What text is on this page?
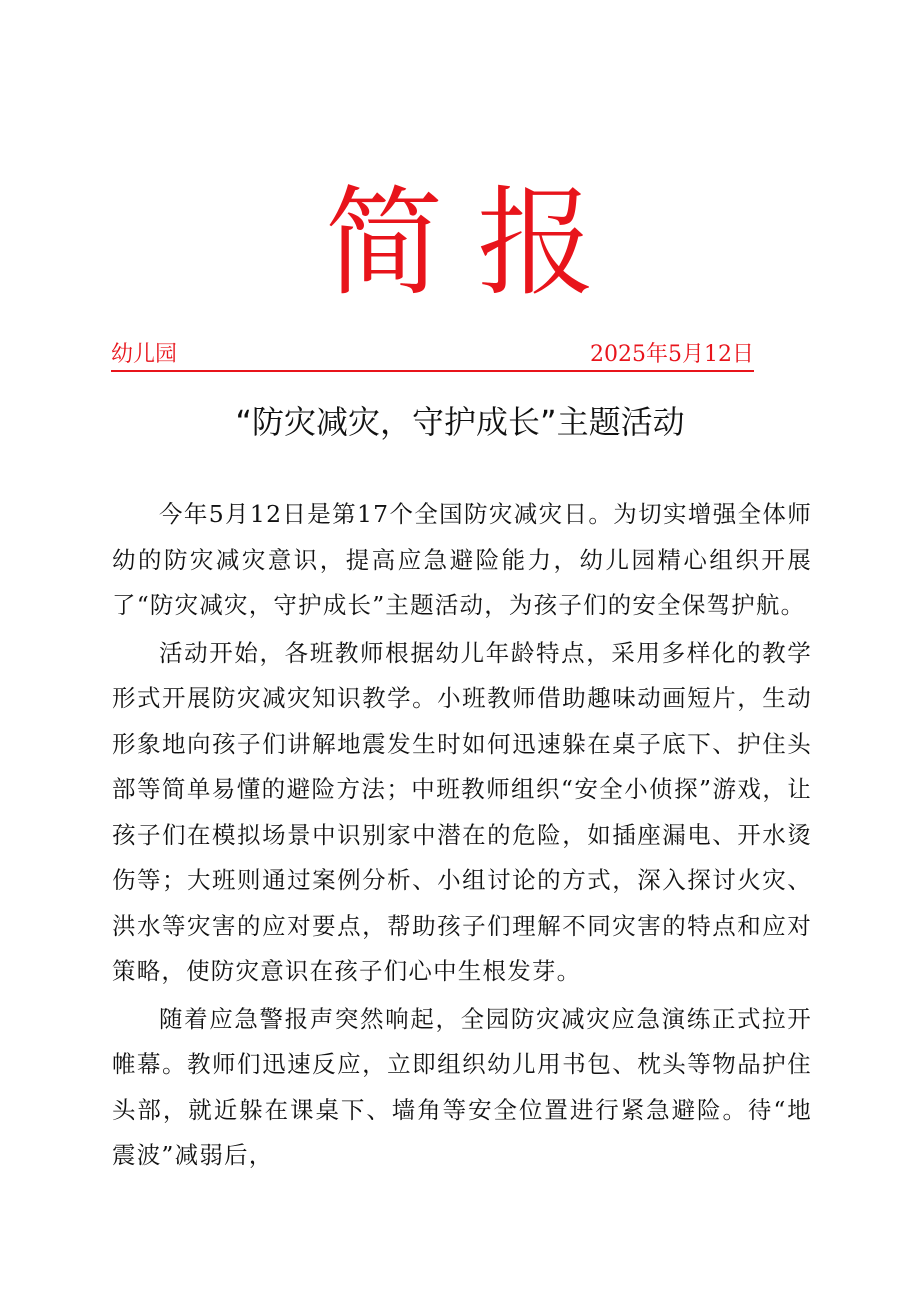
简报
幼儿园	2025年5月12日
“防灾减灾，守护成长”主题活动

今年5月12日是第17个全国防灾减灾日。为切实增强全体师幼的防灾减灾意识，提高应急避险能力，幼儿园精心组织开展了“防灾减灾，守护成长”主题活动，为孩子们的安全保驾护航。

活动开始，各班教师根据幼儿年龄特点，采用多样化的教学形式开展防灾减灾知识教学。小班教师借助趣味动画短片，生动形象地向孩子们讲解地震发生时如何迅速躲在桌子底下、护住头部等简单易懂的避险方法；中班教师组织“安全小侦探”游戏，让孩子们在模拟场景中识别家中潜在的危险，如插座漏电、开水烫伤等；大班则通过案例分析、小组讨论的方式，深入探讨火灾、洪水等灾害的应对要点，帮助孩子们理解不同灾害的特点和应对策略，使防灾意识在孩子们心中生根发芽。

随着应急警报声突然响起，全园防灾减灾应急演练正式拉开帷幕。教师们迅速反应，立即组织幼儿用书包、枕头等物品护住头部，就近躲在课桌下、墙角等安全位置进行紧急避险。待“地震波”减弱后，
